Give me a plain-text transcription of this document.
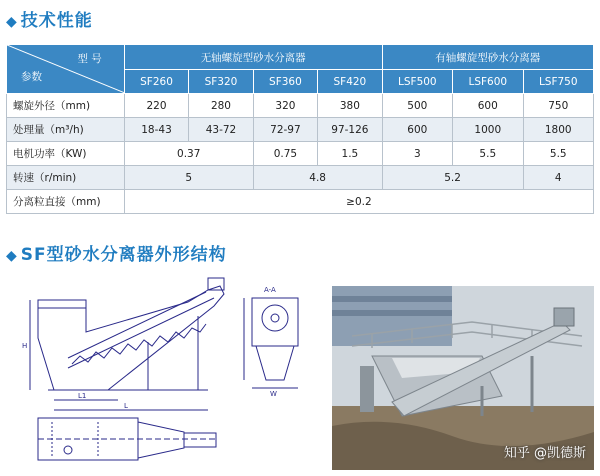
◆ 技术性能
型 号
参数	无轴螺旋型砂水分离器				有轴螺旋型砂水分离器		
	SF260	SF320	SF360	SF420	LSF500	LSF600	LSF750
螺旋外径（mm)	220	280	320	380	500	600	750
处理量（m³/h)	18-43	43-72	72-97	97-126	600	1000	1800
电机功率（KW)	0.37		0.75	1.5	3	5.5	5.5
转速（r/min)	5		4.8		5.2		4
分离粒直接（mm)	≥0.2						
◆ SF型砂水分离器外形结构
L1
L
H
W
A-A
知乎 @凯德斯
